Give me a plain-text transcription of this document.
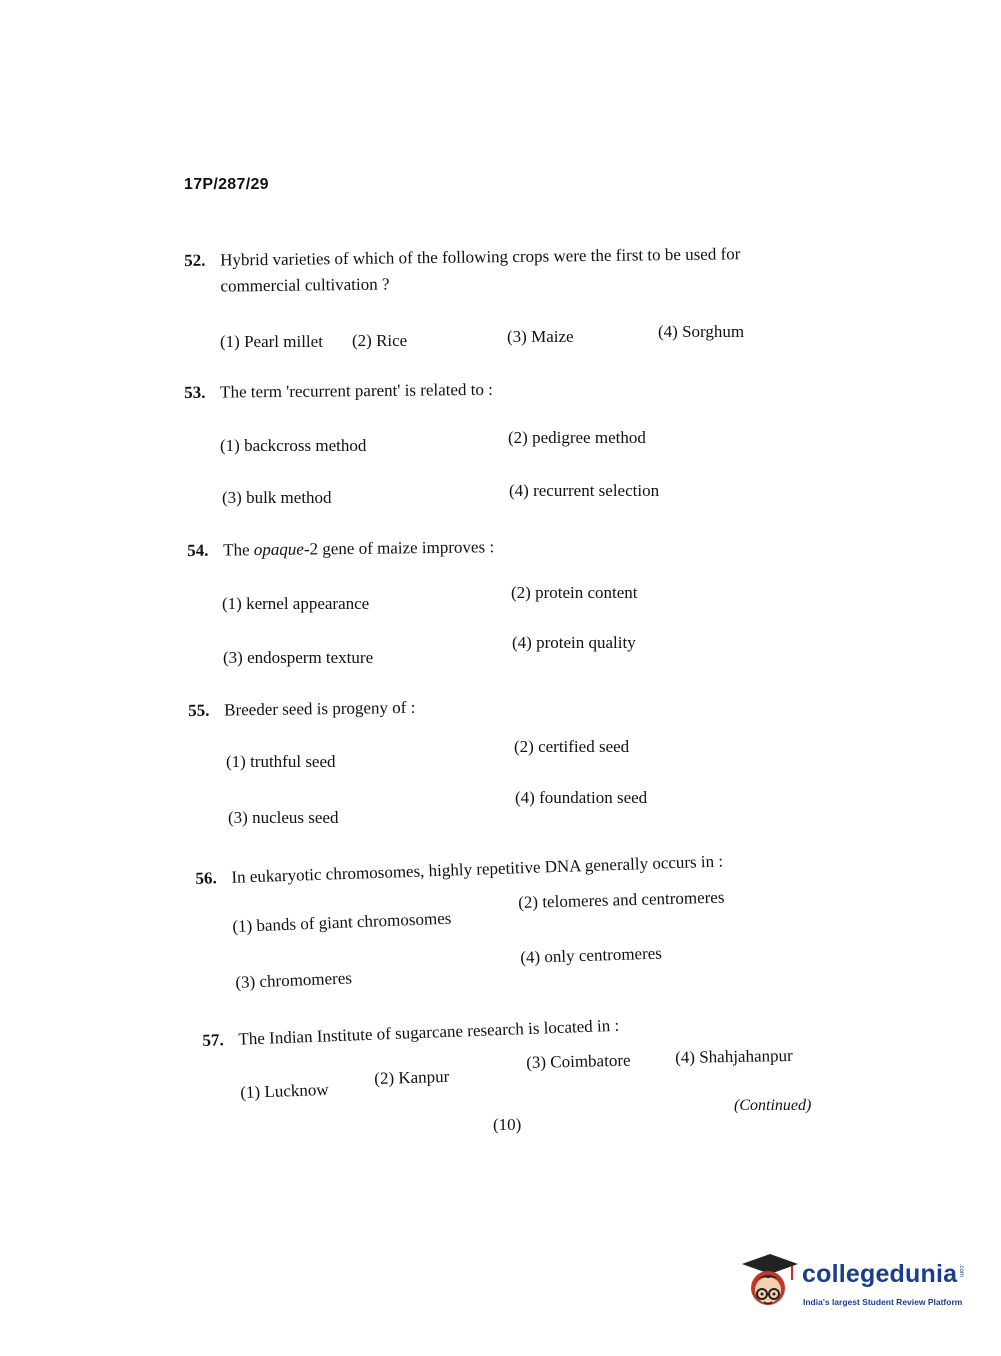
17P/287/29
52. Hybrid varieties of which of the following crops were the first to be used for
commercial cultivation ?
(1) Pearl millet (2) Rice	(3) Maize	(4) Sorghum
53. The term 'recurrent parent' is related to :
(1) backcross method	(2) pedigree method
(3) bulk method	(4) recurrent selection
54. The opaque-2 gene of maize improves :
(1) kernel appearance
(2) protein content
(3) endosperm texture
(4) protein quality
55. Breeder seed is progeny of :
(1) truthful seed
(2) certified seed
(3) nucleus seed
(4) foundation seed
56. In eukaryotic chromosomes, highly repetitive DNA generally occurs in :
(1) bands of giant chromosomes
(2) telomeres and centromeres
(3) chromomeres
(4) only centromeres
57. The Indian Institute of sugarcane research is located in :
(1) Lucknow
(2) Kanpur
(3) Coimbatore	(4) Shahjahanpur
(Continued)
(10)
collegedunia .com
India's largest Student Review Platform
